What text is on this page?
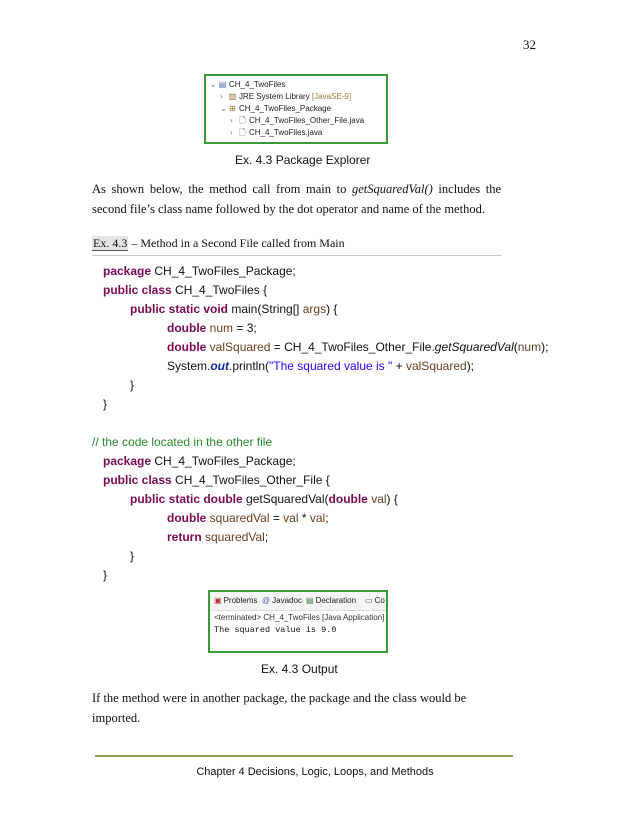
32
⌄ ▤ CH_4_TwoFiles
› ▥ JRE System Library [JavaSE-9]
⌄ ⊞ CH_4_TwoFiles_Package
› 🗋 CH_4_TwoFiles_Other_File.java
› 🗋 CH_4_TwoFiles.java
Ex. 4.3 Package Explorer
As shown below, the method call from main to getSquaredVal() includes the second file’s class name followed by the dot operator and name of the method.
Ex. 4.3 – Method in a Second File called from Main
package CH_4_TwoFiles_Package;
public class CH_4_TwoFiles {
public static void main(String[] args) {
double num = 3;
double valSquared = CH_4_TwoFiles_Other_File.getSquaredVal(num);
System.out.println("The squared value is " + valSquared);
}
}
// the code located in the other file
package CH_4_TwoFiles_Package;
public class CH_4_TwoFiles_Other_File {
public static double getSquaredVal(double val) {
double squaredVal = val * val;
return squaredVal;
}
}
▣ Problems @ Javadoc ▤ Declaration ▭ Co
<terminated> CH_4_TwoFiles [Java Application]
The squared value is 9.0
Ex. 4.3 Output
If the method were in another package, the package and the class would be imported.
Chapter 4 Decisions, Logic, Loops, and Methods
